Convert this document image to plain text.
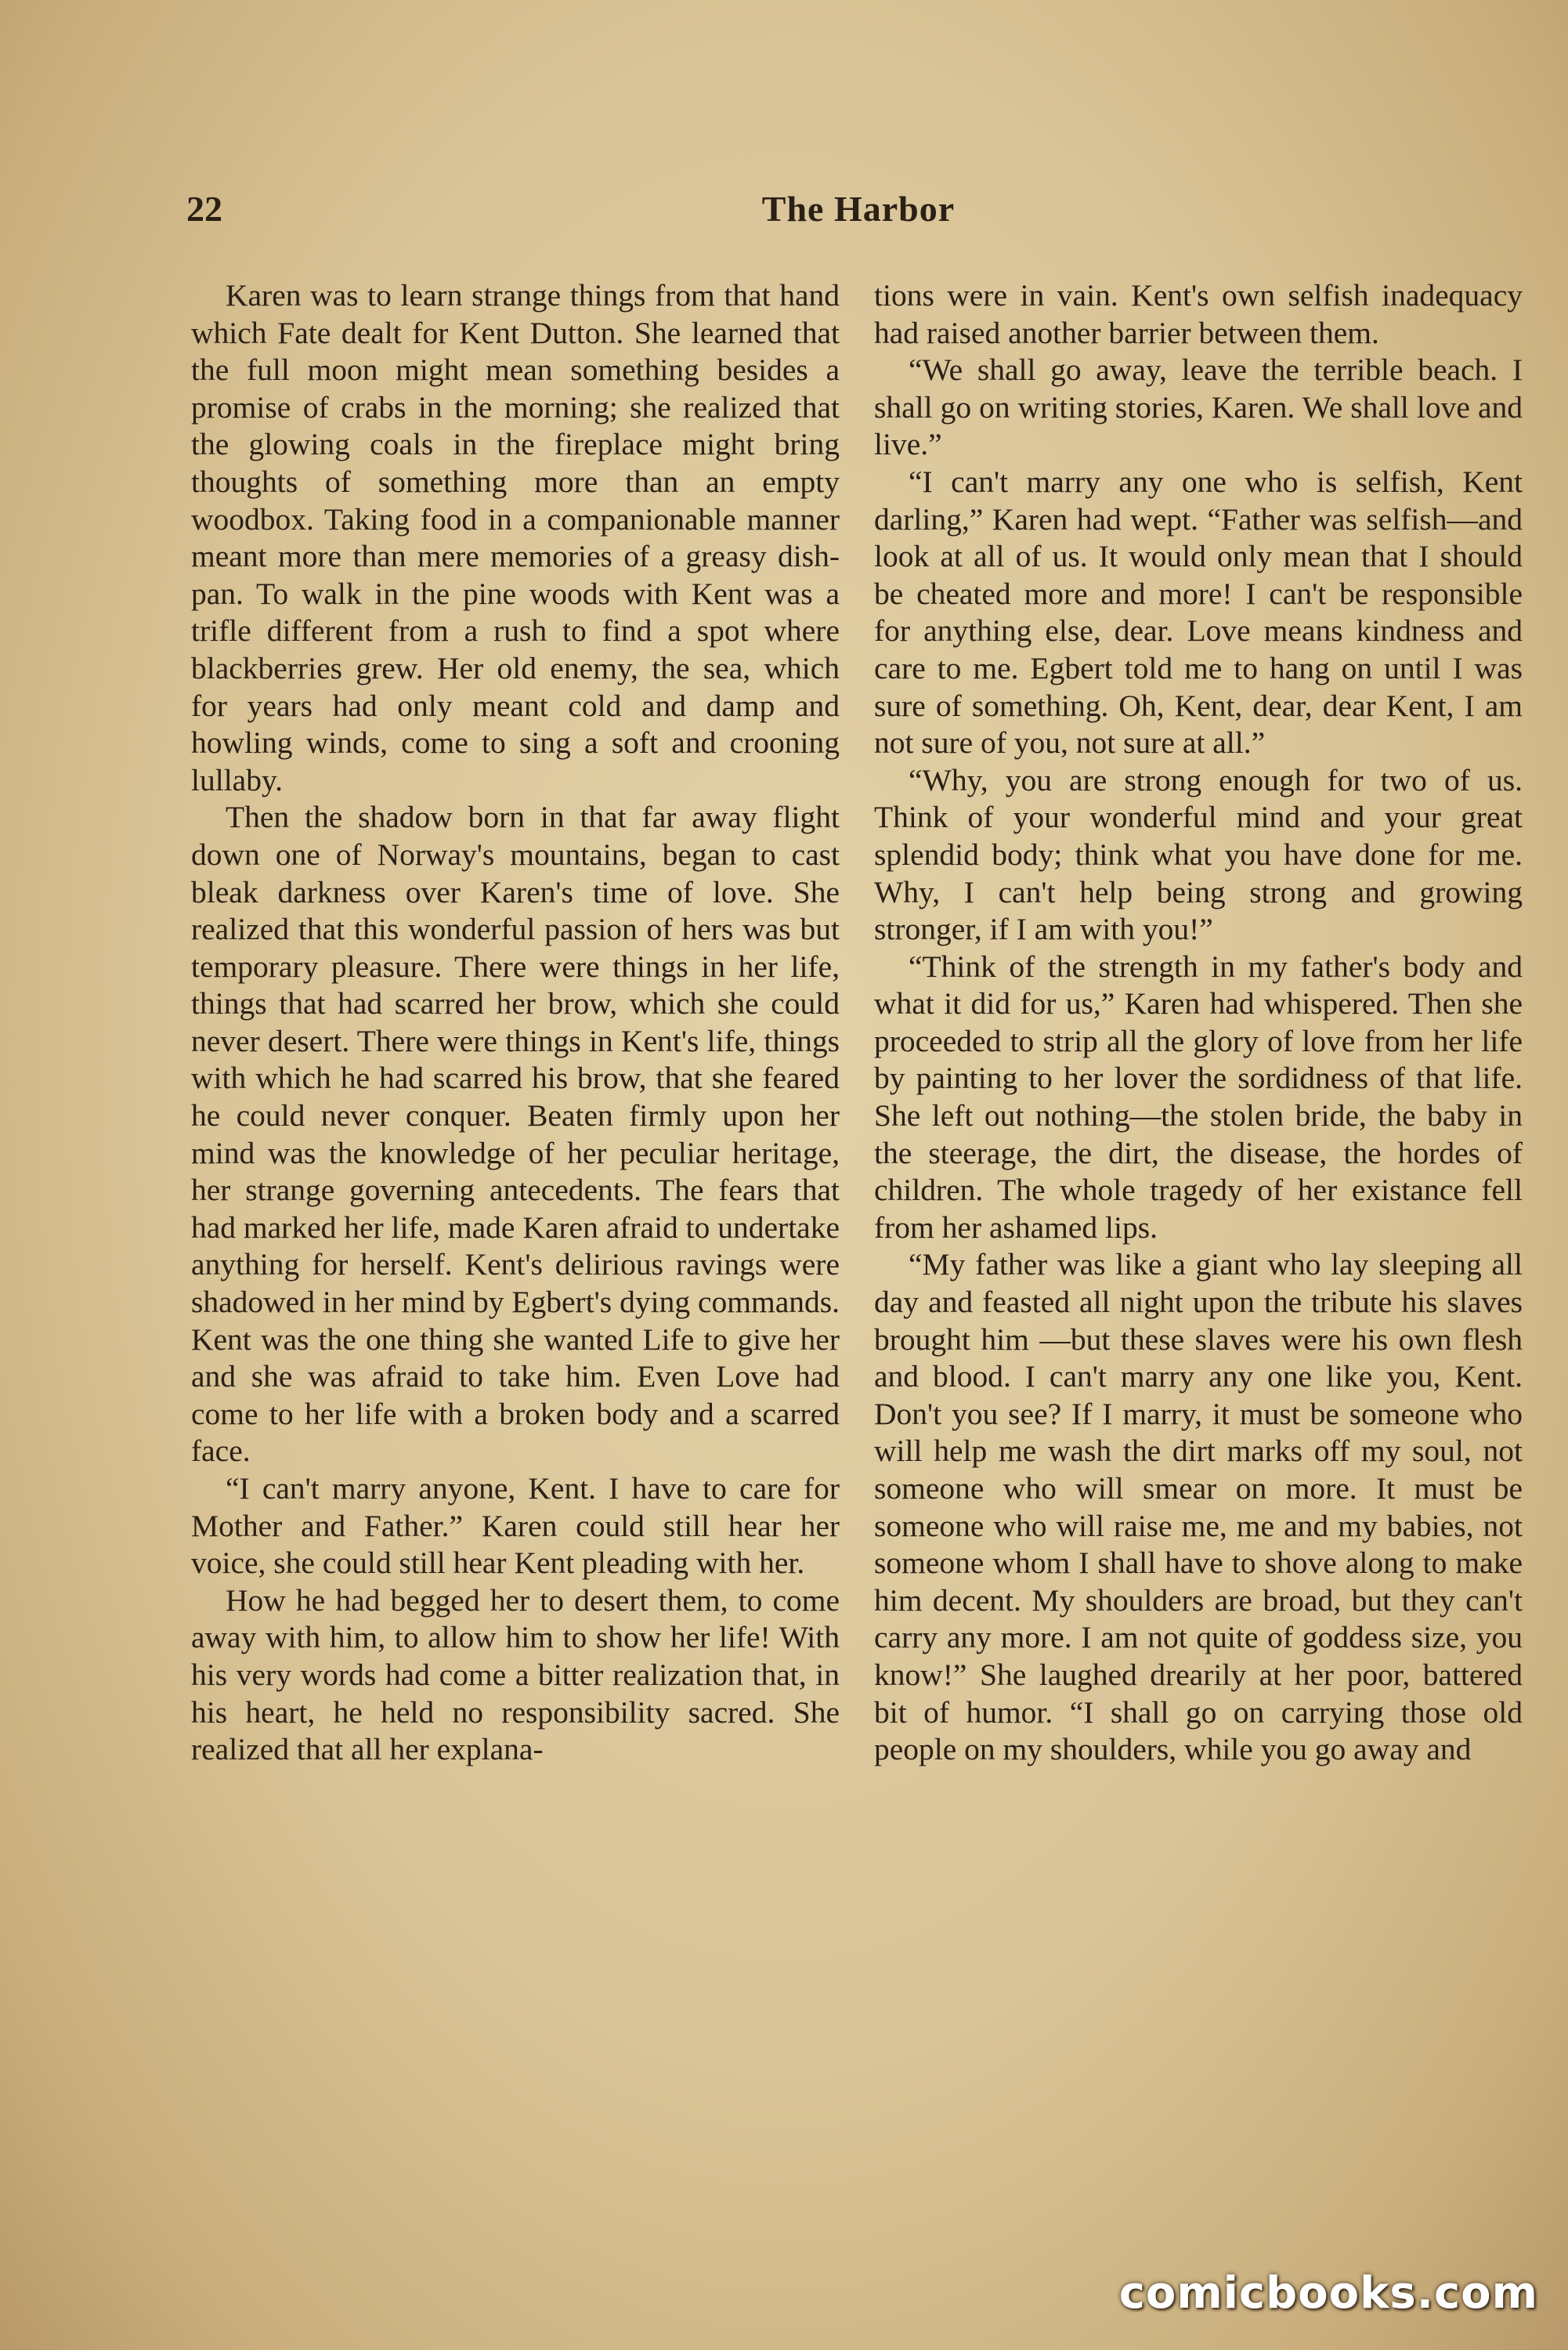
22	The Harbor

Karen was to learn strange things from that hand which Fate dealt for Kent Dutton. She learned that the full moon might mean something besides a promise of crabs in the morning; she realized that the glowing coals in the fireplace might bring thoughts of something more than an empty woodbox. Taking food in a companionable manner meant more than mere memories of a greasy dish-pan. To walk in the pine woods with Kent was a trifle different from a rush to find a spot where blackberries grew. Her old enemy, the sea, which for years had only meant cold and damp and howling winds, come to sing a soft and crooning lullaby.

Then the shadow born in that far away flight down one of Norway's mountains, began to cast bleak darkness over Karen's time of love. She realized that this wonderful passion of hers was but temporary pleasure. There were things in her life, things that had scarred her brow, which she could never desert. There were things in Kent's life, things with which he had scarred his brow, that she feared he could never conquer. Beaten firmly upon her mind was the knowledge of her peculiar heritage, her strange governing antecedents. The fears that had marked her life, made Karen afraid to undertake anything for herself. Kent's delirious ravings were shadowed in her mind by Egbert's dying commands. Kent was the one thing she wanted Life to give her and she was afraid to take him. Even Love had come to her life with a broken body and a scarred face.

“I can't marry anyone, Kent. I have to care for Mother and Father.” Karen could still hear her voice, she could still hear Kent pleading with her.

How he had begged her to desert them, to come away with him, to allow him to show her life! With his very words had come a bitter realization that, in his heart, he held no responsibility sacred. She realized that all her explana-

tions were in vain. Kent's own selfish inadequacy had raised another barrier between them.

“We shall go away, leave the terrible beach. I shall go on writing stories, Karen. We shall love and live.”

“I can't marry any one who is selfish, Kent darling,” Karen had wept. “Father was selfish—and look at all of us. It would only mean that I should be cheated more and more! I can't be responsible for anything else, dear. Love means kindness and care to me. Egbert told me to hang on until I was sure of something. Oh, Kent, dear, dear Kent, I am not sure of you, not sure at all.”

“Why, you are strong enough for two of us. Think of your wonderful mind and your great splendid body; think what you have done for me. Why, I can't help being strong and growing stronger, if I am with you!”

“Think of the strength in my father's body and what it did for us,” Karen had whispered. Then she proceeded to strip all the glory of love from her life by painting to her lover the sordidness of that life. She left out nothing—the stolen bride, the baby in the steerage, the dirt, the disease, the hordes of children. The whole tragedy of her existance fell from her ashamed lips.

“My father was like a giant who lay sleeping all day and feasted all night upon the tribute his slaves brought him —but these slaves were his own flesh and blood. I can't marry any one like you, Kent. Don't you see? If I marry, it must be someone who will help me wash the dirt marks off my soul, not someone who will smear on more. It must be someone who will raise me, me and my babies, not someone whom I shall have to shove along to make him decent. My shoulders are broad, but they can't carry any more. I am not quite of goddess size, you know!” She laughed drearily at her poor, battered bit of humor. “I shall go on carrying those old people on my shoulders, while you go away and

comicbooks.com
